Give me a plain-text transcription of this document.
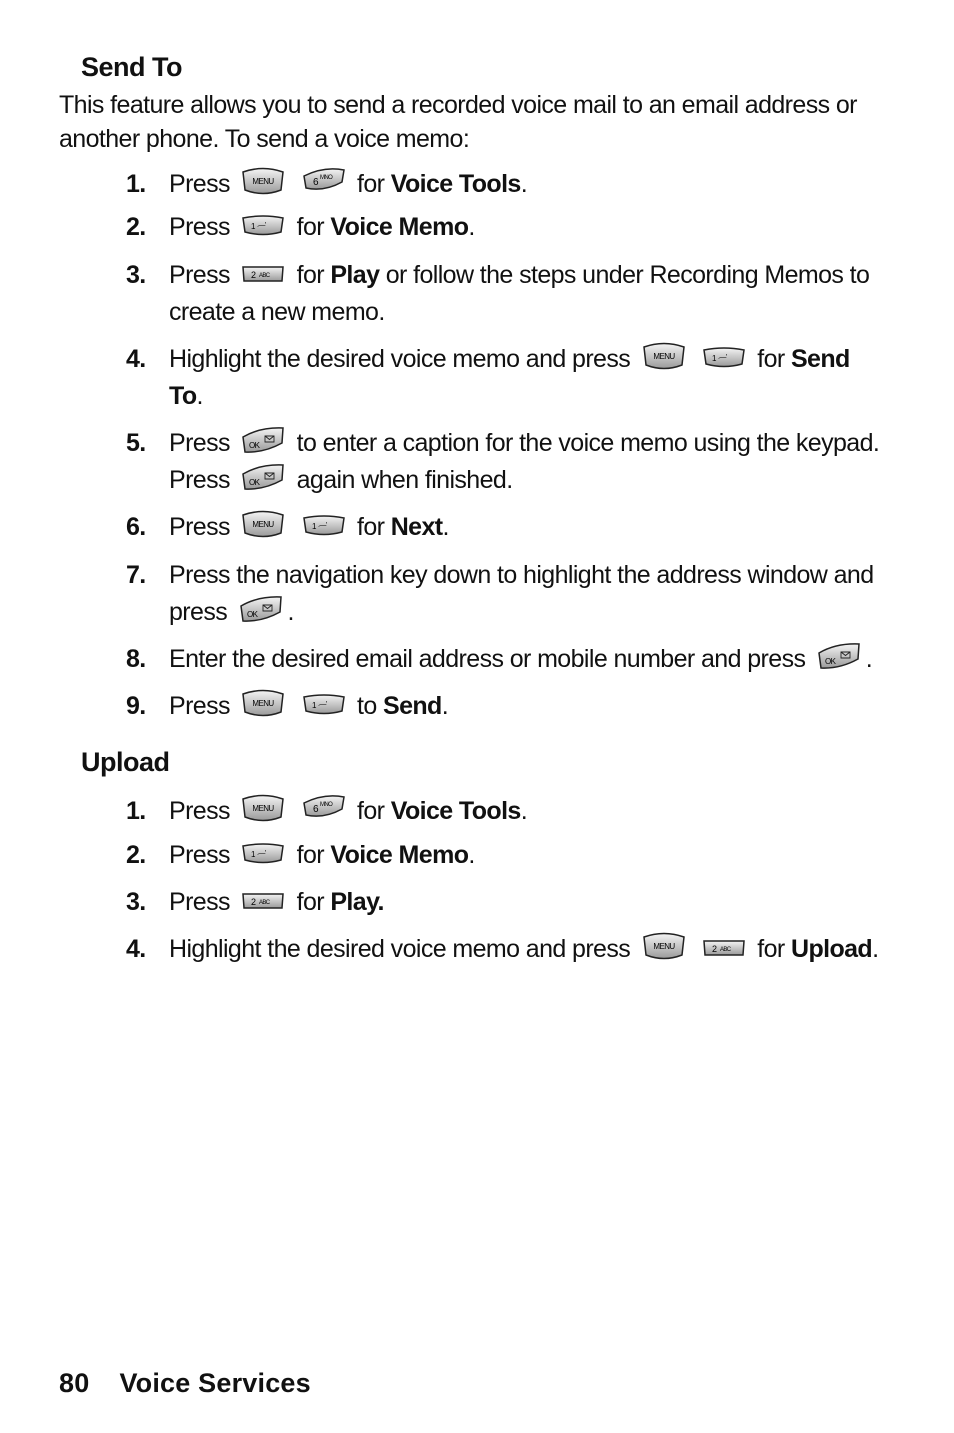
Send To
This feature allows you to send a recorded voice mail to an email address or another phone. To send a voice memo:
1. Press	MENU
	6 MNO for Voice Tools.
2. Press	1 .—' for Voice Memo.
3. Press 2 ABC for Play or follow the steps under Recording Memos to create a new memo.
4. Highlight the desired voice memo and press	MENU
	1 .—' for Send To.
5. Press OK to enter a caption for the voice memo using the keypad. Press OK again when finished.
6. Press	MENU
	1 .—' for Next.
7. Press the navigation key down to highlight the address window and press OK .
8. Enter the desired email address or mobile number and press OK .
9. Press	MENU
	1 .—' to Send.
Upload
1. Press	MENU
	6 MNO for Voice Tools.
2. Press	1 .—' for Voice Memo.
3. Press 2 ABC for Play.
4. Highlight the desired voice memo and press	MENU
	2 ABC for Upload.
80 Voice Services
